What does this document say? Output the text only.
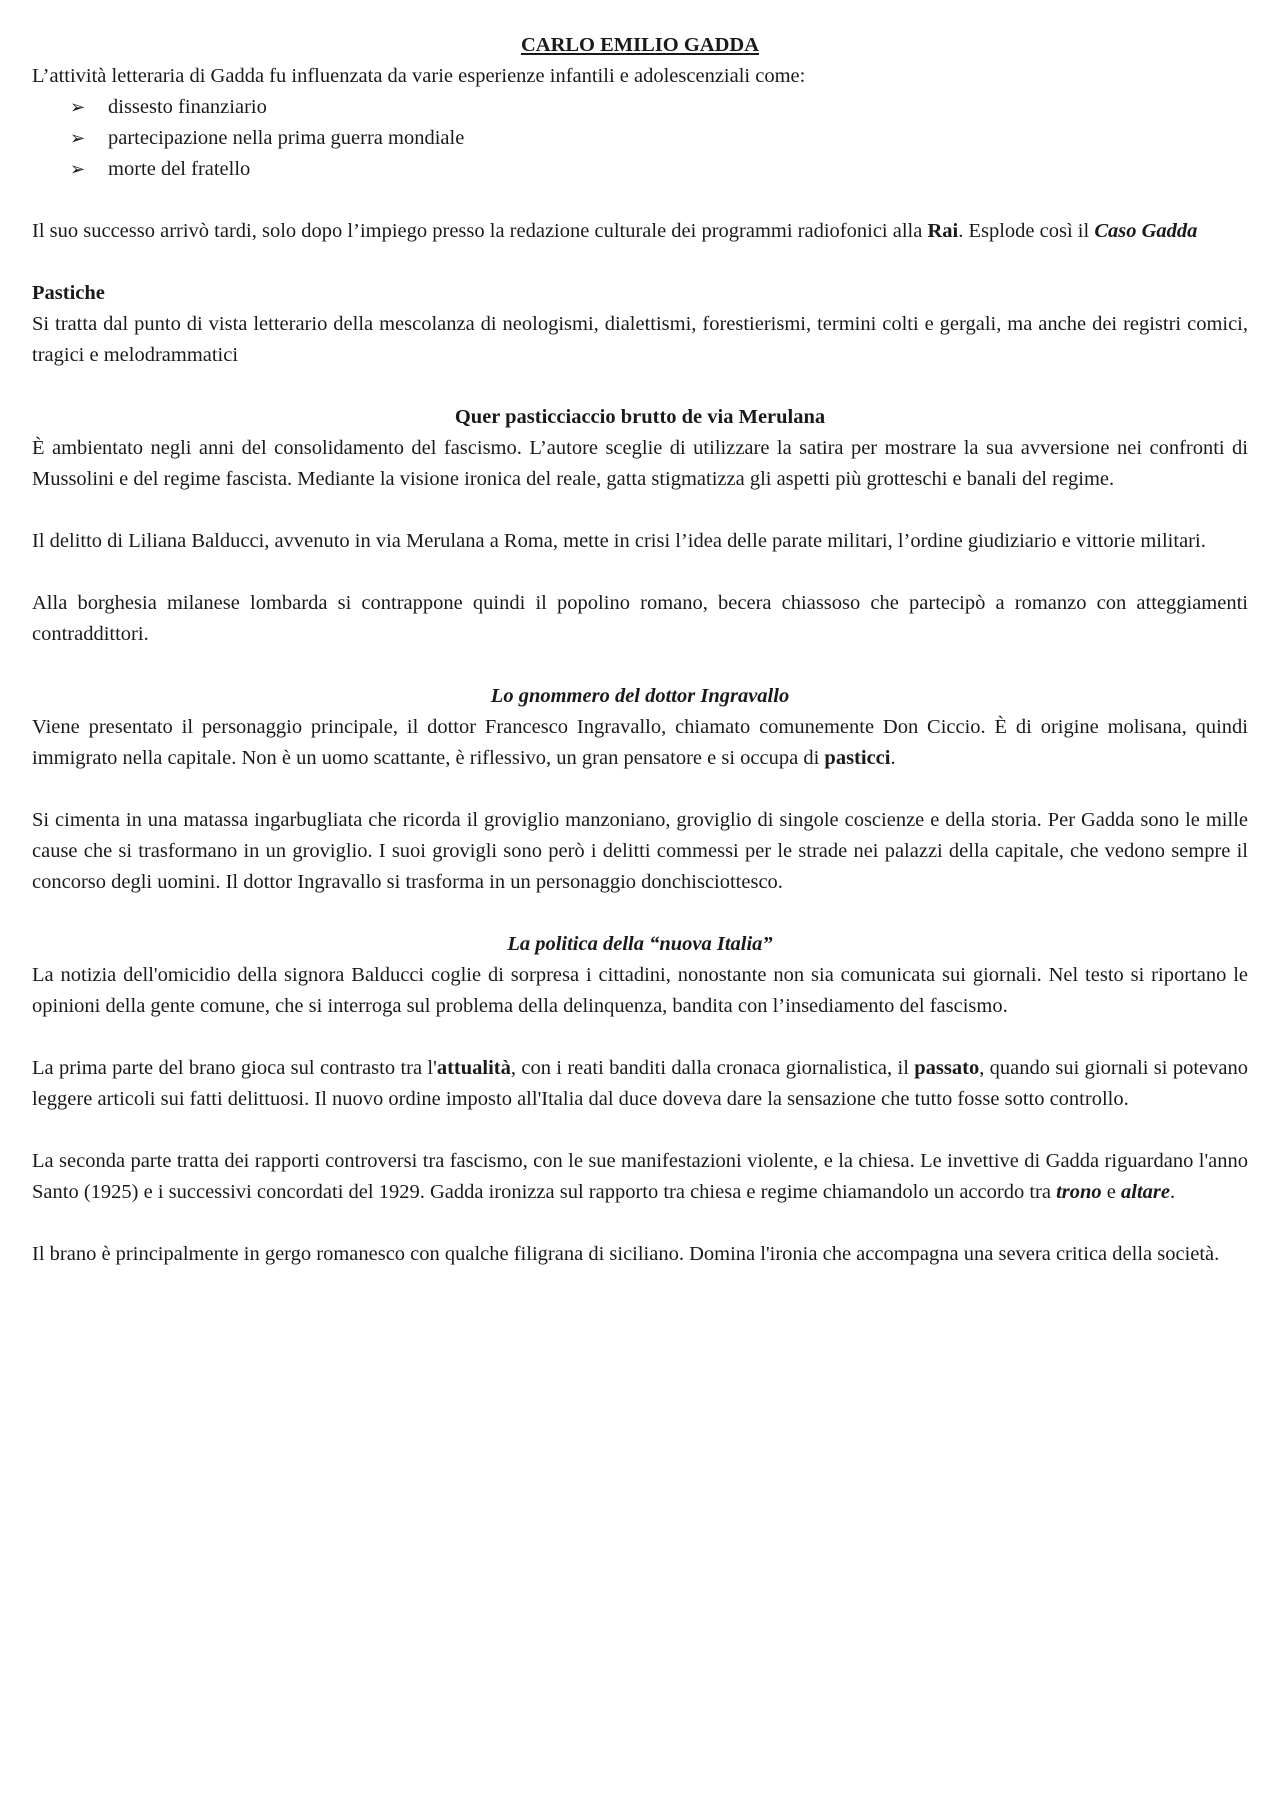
CARLO EMILIO GADDA

L’attività letteraria di Gadda fu influenzata da varie esperienze infantili e adolescenziali come:

➢	dissesto finanziario
➢	partecipazione nella prima guerra mondiale
➢	morte del fratello

Il suo successo arrivò tardi, solo dopo l’impiego presso la redazione culturale dei programmi radiofonici alla Rai. Esplode così il Caso Gadda

Pastiche

Si tratta dal punto di vista letterario della mescolanza di neologismi, dialettismi, forestierismi, termini colti e gergali, ma anche dei registri comici, tragici e melodrammatici

Quer pasticciaccio brutto de via Merulana

È ambientato negli anni del consolidamento del fascismo. L’autore sceglie di utilizzare la satira per mostrare la sua avversione nei confronti di Mussolini e del regime fascista. Mediante la visione ironica del reale, gatta stigmatizza gli aspetti più grotteschi e banali del regime.

Il delitto di Liliana Balducci, avvenuto in via Merulana a Roma, mette in crisi l’idea delle parate militari, l’ordine giudiziario e vittorie militari.

Alla borghesia milanese lombarda si contrappone quindi il popolino romano, becera chiassoso che partecipò a romanzo con atteggiamenti contraddittori.

Lo gnommero del dottor Ingravallo

Viene presentato il personaggio principale, il dottor Francesco Ingravallo, chiamato comunemente Don Ciccio. È di origine molisana, quindi immigrato nella capitale. Non è un uomo scattante, è riflessivo, un gran pensatore e si occupa di pasticci.

Si cimenta in una matassa ingarbugliata che ricorda il groviglio manzoniano, groviglio di singole coscienze e della storia. Per Gadda sono le mille cause che si trasformano in un groviglio. I suoi grovigli sono però i delitti commessi per le strade nei palazzi della capitale, che vedono sempre il concorso degli uomini. Il dottor Ingravallo si trasforma in un personaggio donchisciottesco.

La politica della “nuova Italia”

La notizia dell'omicidio della signora Balducci coglie di sorpresa i cittadini, nonostante non sia comunicata sui giornali. Nel testo si riportano le opinioni della gente comune, che si interroga sul problema della delinquenza, bandita con l’insediamento del fascismo.

La prima parte del brano gioca sul contrasto tra l'attualità, con i reati banditi dalla cronaca giornalistica, il passato, quando sui giornali si potevano leggere articoli sui fatti delittuosi. Il nuovo ordine imposto all'Italia dal duce doveva dare la sensazione che tutto fosse sotto controllo.

La seconda parte tratta dei rapporti controversi tra fascismo, con le sue manifestazioni violente, e la chiesa. Le invettive di Gadda riguardano l'anno Santo (1925) e i successivi concordati del 1929. Gadda ironizza sul rapporto tra chiesa e regime chiamandolo un accordo tra trono e altare.

Il brano è principalmente in gergo romanesco con qualche filigrana di siciliano. Domina l'ironia che accompagna una severa critica della società.
